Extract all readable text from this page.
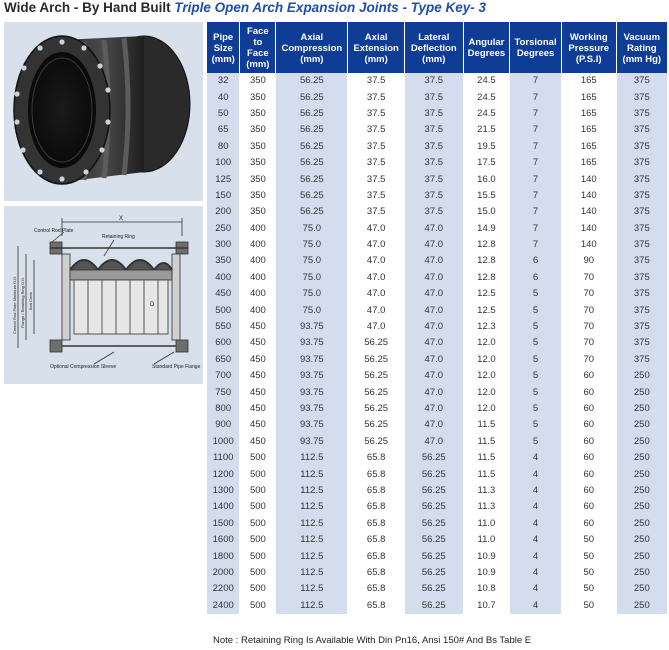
Wide Arch - By Hand Built Triple Open Arch Expansion Joints - Type Key- 3
Control Rod Plate
Retaining Ring
X
D
Optional Compression Sleeve	Standard Pipe Flange
Control Rod Plate Minimum O.D. Flange / Retaining Ring O.D. Bolt Circle
Pipe Size (mm)	Face to Face (mm)	Axial Compression (mm)	Axial Extension (mm)	Lateral Deflection (mm)	Angular Degrees	Torsional Degrees	Working Pressure (P.S.I)	Vacuum Rating (mm Hg)
32	350	56.25	37.5	37.5	24.5	7	165	375
40	350	56.25	37.5	37.5	24.5	7	165	375
50	350	56.25	37.5	37.5	24.5	7	165	375
65	350	56.25	37.5	37.5	21.5	7	165	375
80	350	56.25	37.5	37.5	19.5	7	165	375
100	350	56.25	37.5	37.5	17.5	7	165	375
125	350	56.25	37.5	37.5	16.0	7	140	375
150	350	56.25	37.5	37.5	15.5	7	140	375
200	350	56.25	37.5	37.5	15.0	7	140	375
250	400	75.0	47.0	47.0	14.9	7	140	375
300	400	75.0	47.0	47.0	12.8	7	140	375
350	400	75.0	47.0	47.0	12.8	6	90	375
400	400	75.0	47.0	47.0	12.8	6	70	375
450	400	75.0	47.0	47.0	12.5	5	70	375
500	400	75.0	47.0	47.0	12.5	5	70	375
550	450	93.75	47.0	47.0	12.3	5	70	375
600	450	93.75	56.25	47.0	12.0	5	70	375
650	450	93.75	56.25	47.0	12.0	5	70	375
700	450	93.75	56.25	47.0	12.0	5	60	250
750	450	93.75	56.25	47.0	12.0	5	60	250
800	450	93.75	56.25	47.0	12.0	5	60	250
900	450	93.75	56.25	47.0	11.5	5	60	250
1000	450	93.75	56.25	47.0	11.5	5	60	250
1100	500	112.5	65.8	56.25	11.5	4	60	250
1200	500	112.5	65.8	56.25	11.5	4	60	250
1300	500	112.5	65.8	56.25	11.3	4	60	250
1400	500	112.5	65.8	56.25	11.3	4	60	250
1500	500	112.5	65.8	56.25	11.0	4	60	250
1600	500	112.5	65.8	56.25	11.0	4	50	250
1800	500	112.5	65.8	56.25	10.9	4	50	250
2000	500	112.5	65.8	56.25	10.9	4	50	250
2200	500	112.5	65.8	56.25	10.8	4	50	250
2400	500	112.5	65.8	56.25	10.7	4	50	250
Note : Retaining Ring Is Available With Din Pn16, Ansi 150# And Bs Table E
